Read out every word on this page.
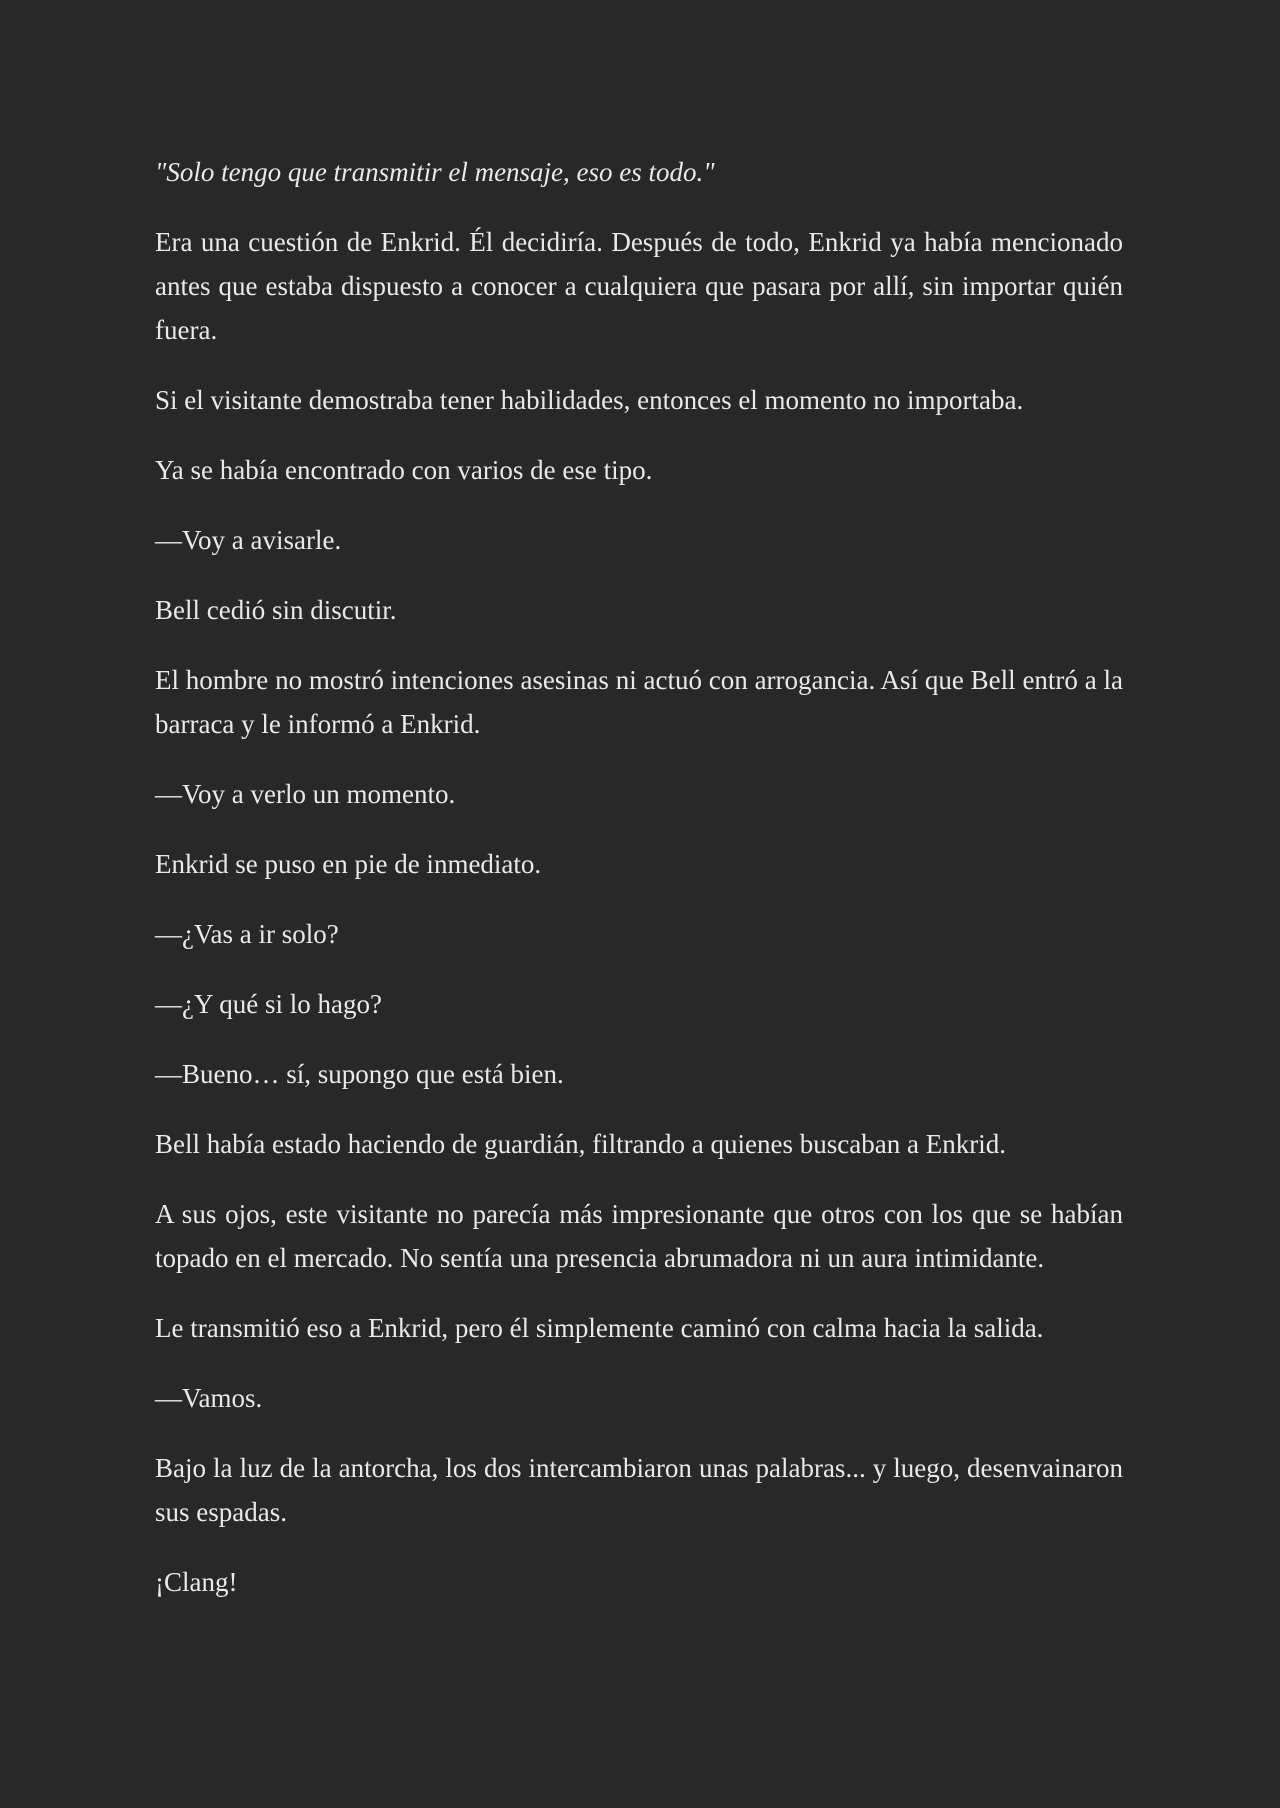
"Solo tengo que transmitir el mensaje, eso es todo."

Era una cuestión de Enkrid. Él decidiría. Después de todo, Enkrid ya había mencionado antes que estaba dispuesto a conocer a cualquiera que pasara por allí, sin importar quién fuera.

Si el visitante demostraba tener habilidades, entonces el momento no importaba.

Ya se había encontrado con varios de ese tipo.

—Voy a avisarle.

Bell cedió sin discutir.

El hombre no mostró intenciones asesinas ni actuó con arrogancia. Así que Bell entró a la barraca y le informó a Enkrid.

—Voy a verlo un momento.

Enkrid se puso en pie de inmediato.

—¿Vas a ir solo?

—¿Y qué si lo hago?

—Bueno… sí, supongo que está bien.

Bell había estado haciendo de guardián, filtrando a quienes buscaban a Enkrid.

A sus ojos, este visitante no parecía más impresionante que otros con los que se habían topado en el mercado. No sentía una presencia abrumadora ni un aura intimidante.

Le transmitió eso a Enkrid, pero él simplemente caminó con calma hacia la salida.

—Vamos.

Bajo la luz de la antorcha, los dos intercambiaron unas palabras... y luego, desenvainaron sus espadas.

¡Clang!
